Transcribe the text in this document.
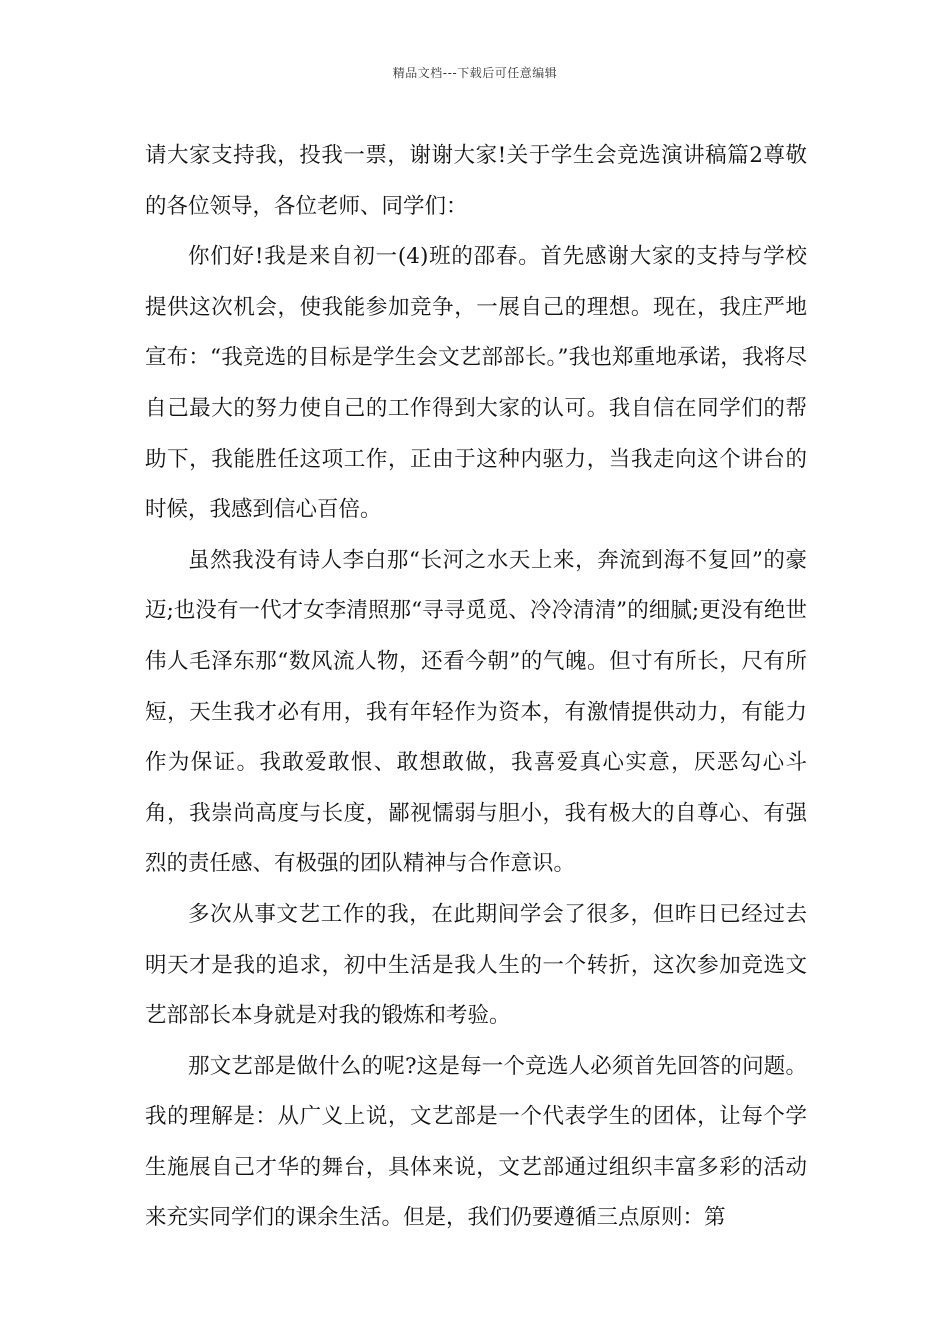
精品文档---下载后可任意编辑

请大家支持我，投我一票，谢谢大家!关于学生会竞选演讲稿篇2尊敬的各位领导，各位老师、同学们：

你们好!我是来自初一(4)班的邵春。首先感谢大家的支持与学校提供这次机会，使我能参加竞争，一展自己的理想。现在，我庄严地宣布：“我竞选的目标是学生会文艺部部长。”我也郑重地承诺，我将尽自己最大的努力使自己的工作得到大家的认可。我自信在同学们的帮助下，我能胜任这项工作，正由于这种内驱力，当我走向这个讲台的时候，我感到信心百倍。

虽然我没有诗人李白那“长河之水天上来，奔流到海不复回”的豪迈;也没有一代才女李清照那“寻寻觅觅、冷冷清清”的细腻;更没有绝世伟人毛泽东那“数风流人物，还看今朝”的气魄。但寸有所长，尺有所短，天生我才必有用，我有年轻作为资本，有激情提供动力，有能力作为保证。我敢爱敢恨、敢想敢做，我喜爱真心实意，厌恶勾心斗角，我崇尚高度与长度，鄙视懦弱与胆小，我有极大的自尊心、有强烈的责任感、有极强的团队精神与合作意识。

多次从事文艺工作的我，在此期间学会了很多，但昨日已经过去明天才是我的追求，初中生活是我人生的一个转折，这次参加竞选文艺部部长本身就是对我的锻炼和考验。

那文艺部是做什么的呢?这是每一个竞选人必须首先回答的问题。我的理解是：从广义上说，文艺部是一个代表学生的团体，让每个学生施展自己才华的舞台，具体来说，文艺部通过组织丰富多彩的活动来充实同学们的课余生活。但是，我们仍要遵循三点原则：第
